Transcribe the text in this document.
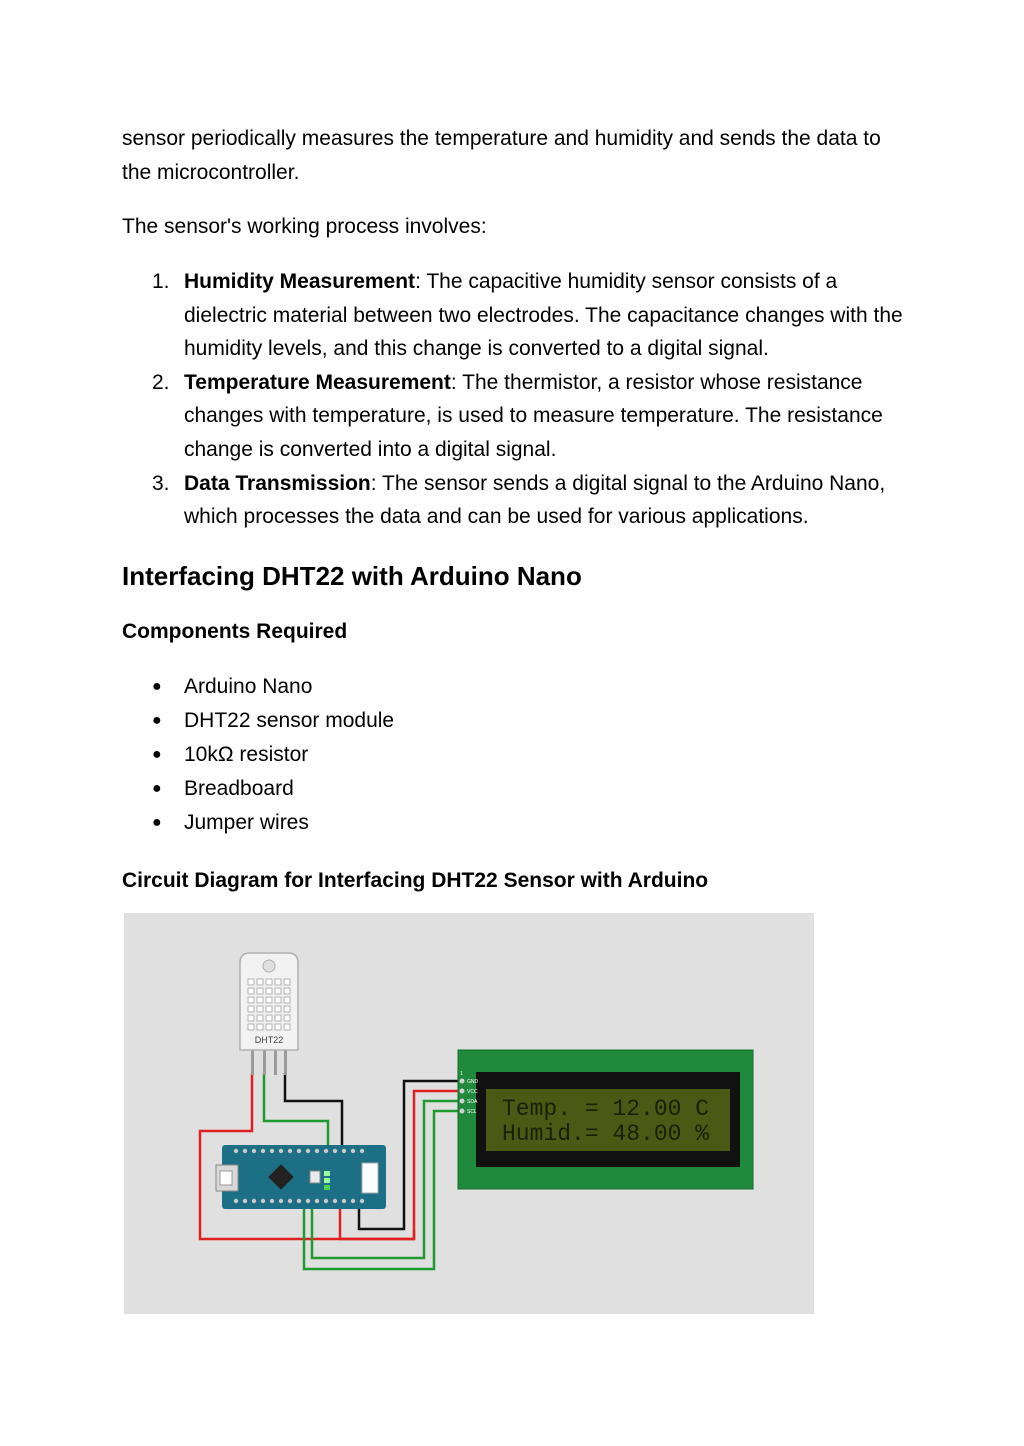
sensor periodically measures the temperature and humidity and sends the data to the microcontroller.
The sensor's working process involves:
1. Humidity Measurement: The capacitive humidity sensor consists of a dielectric material between two electrodes. The capacitance changes with the humidity levels, and this change is converted to a digital signal.
2. Temperature Measurement: The thermistor, a resistor whose resistance changes with temperature, is used to measure temperature. The resistance change is converted into a digital signal.
3. Data Transmission: The sensor sends a digital signal to the Arduino Nano, which processes the data and can be used for various applications.
Interfacing DHT22 with Arduino Nano
Components Required
● Arduino Nano
● DHT22 sensor module
● 10kΩ resistor
● Breadboard
● Jumper wires
Circuit Diagram for Interfacing DHT22 Sensor with Arduino
DHT22
Temp. = 12.00 C
Humid.= 48.00 %
1
GND
VCC
SDA
SCL
